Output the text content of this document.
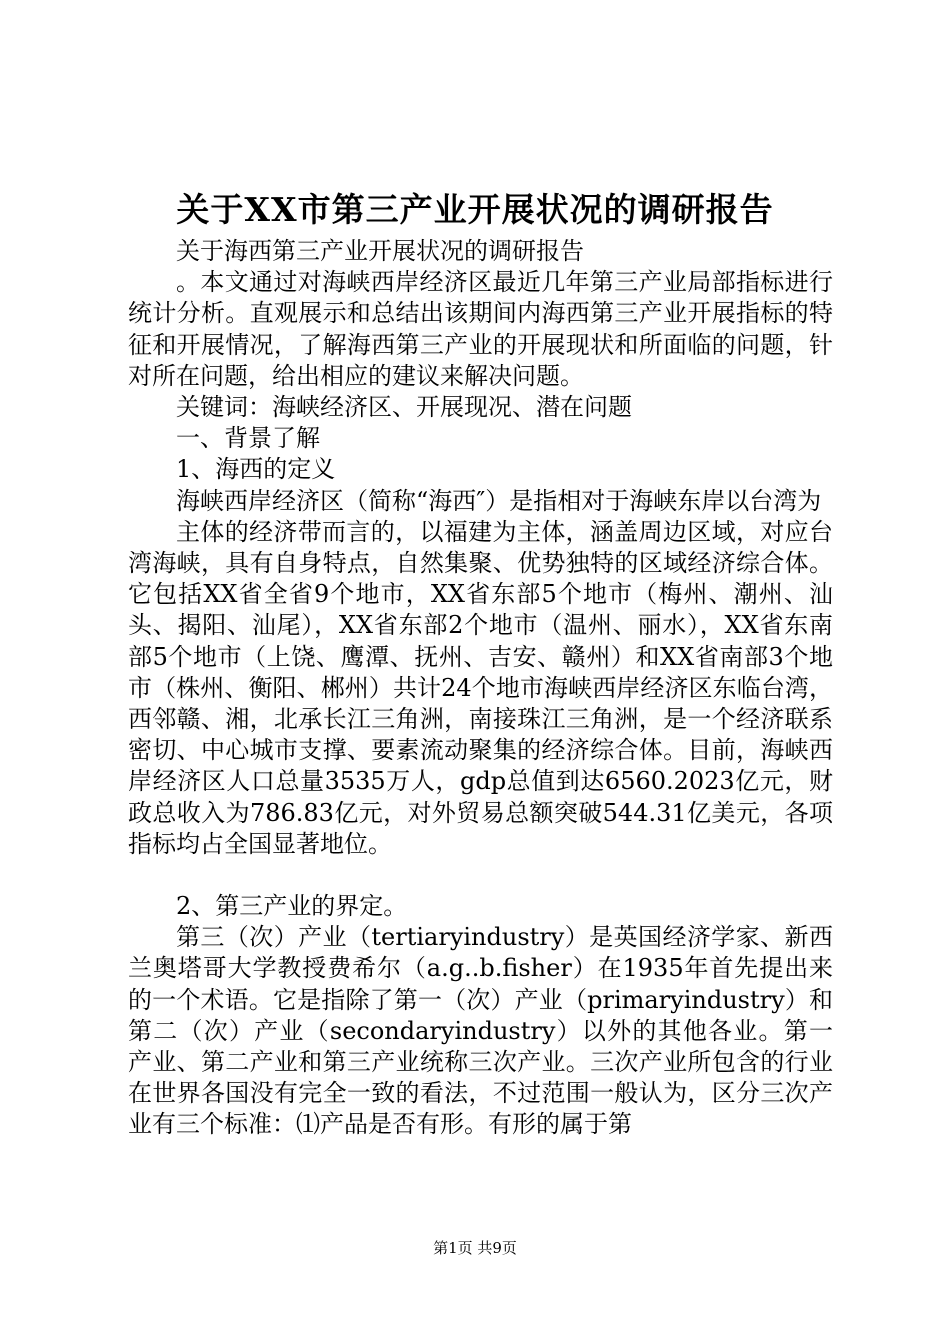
关于XX市第三产业开展状况的调研报告

关于海西第三产业开展状况的调研报告

。本文通过对海峡西岸经济区最近几年第三产业局部指标进行统计分析。直观展示和总结出该期间内海西第三产业开展指标的特征和开展情况，了解海西第三产业的开展现状和所面临的问题，针对所在问题，给出相应的建议来解决问题。

关键词：海峡经济区、开展现况、潜在问题

一、背景了解

1、海西的定义

海峡西岸经济区（简称“海西″）是指相对于海峡东岸以台湾为

主体的经济带而言的，以福建为主体，涵盖周边区域，对应台湾海峡，具有自身特点，自然集聚、优势独特的区域经济综合体。它包括XX省全省9个地市，XX省东部5个地市（梅州、潮州、汕头、揭阳、汕尾），XX省东部2个地市（温州、丽水），XX省东南部5个地市（上饶、鹰潭、抚州、吉安、赣州）和XX省南部3个地市（株州、衡阳、郴州）共计24个地市海峡西岸经济区东临台湾，西邻赣、湘，北承长江三角洲，南接珠江三角洲，是一个经济联系密切、中心城市支撑、要素流动聚集的经济综合体。目前，海峡西岸经济区人口总量3535万人，gdp总值到达6560.2023亿元，财政总收入为786.83亿元，对外贸易总额突破544.31亿美元，各项指标均占全国显著地位。

2、第三产业的界定。

第三（次）产业（tertiaryindustry）是英国经济学家、新西兰奥塔哥大学教授费希尔（a.g..b.fisher）在1935年首先提出来的一个术语。它是指除了第一（次）产业（primaryindustry）和第二（次）产业（secondaryindustry）以外的其他各业。第一产业、第二产业和第三产业统称三次产业。三次产业所包含的行业在世界各国没有完全一致的看法，不过范围一般认为，区分三次产业有三个标准：⑴产品是否有形。有形的属于第

第1页 共9页
